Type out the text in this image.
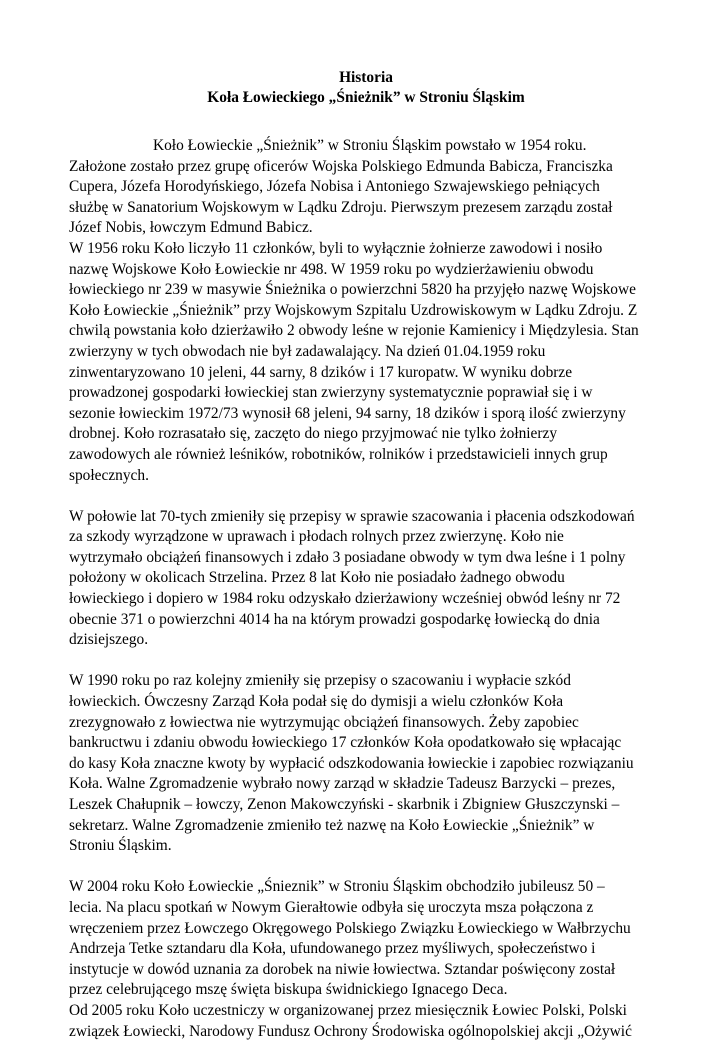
Historia
Koła Łowieckiego „Śnieżnik” w Stroniu Śląskim

Koło Łowieckie „Śnieżnik” w Stroniu Śląskim powstało w 1954 roku.
Założone zostało przez grupę oficerów Wojska Polskiego Edmunda Babicza, Franciszka
Cupera, Józefa Horodyńskiego, Józefa Nobisa i Antoniego Szwajewskiego pełniących
służbę w Sanatorium Wojskowym w Lądku Zdroju. Pierwszym prezesem zarządu został
Józef Nobis, łowczym Edmund Babicz.

W 1956 roku Koło liczyło 11 członków, byli to wyłącznie żołnierze zawodowi i nosiło
nazwę Wojskowe Koło Łowieckie nr 498. W 1959 roku po wydzierżawieniu obwodu
łowieckiego nr 239 w masywie Śnieżnika o powierzchni 5820 ha przyjęło nazwę Wojskowe
Koło Łowieckie „Śnieżnik” przy Wojskowym Szpitalu Uzdrowiskowym w Lądku Zdroju. Z
chwilą powstania koło dzierżawiło 2 obwody leśne w rejonie Kamienicy i Międzylesia. Stan
zwierzyny w tych obwodach nie był zadawalający. Na dzień 01.04.1959 roku
zinwentaryzowano 10 jeleni, 44 sarny, 8 dzików i 17 kuropatw. W wyniku dobrze
prowadzonej gospodarki łowieckiej stan zwierzyny systematycznie poprawiał się i w
sezonie łowieckim 1972/73 wynosił 68 jeleni, 94 sarny, 18 dzików i sporą ilość zwierzyny
drobnej. Koło rozrasatało się, zaczęto do niego przyjmować nie tylko żołnierzy
zawodowych ale również leśników, robotników, rolników i przedstawicieli innych grup
społecznych.

W połowie lat 70-tych zmieniły się przepisy w sprawie szacowania i płacenia odszkodowań
za szkody wyrządzone w uprawach i płodach rolnych przez zwierzynę. Koło nie
wytrzymało obciążeń finansowych i zdało 3 posiadane obwody w tym dwa leśne i 1 polny
położony w okolicach Strzelina. Przez 8 lat Koło nie posiadało żadnego obwodu
łowieckiego i dopiero w 1984 roku odzyskało dzierżawiony wcześniej obwód leśny nr 72
obecnie 371 o powierzchni 4014 ha na którym prowadzi gospodarkę łowiecką do dnia
dzisiejszego.

W 1990 roku po raz kolejny zmieniły się przepisy o szacowaniu i wypłacie szkód
łowieckich. Ówczesny Zarząd Koła podał się do dymisji a wielu członków Koła
zrezygnowało z łowiectwa nie wytrzymując obciążeń finansowych. Żeby zapobiec
bankructwu i zdaniu obwodu łowieckiego 17 członków Koła opodatkowało się wpłacając
do kasy Koła znaczne kwoty by wypłacić odszkodowania łowieckie i zapobiec rozwiązaniu
Koła. Walne Zgromadzenie wybrało nowy zarząd w składzie Tadeusz Barzycki – prezes,
Leszek Chałupnik – łowczy, Zenon Makowczyński - skarbnik i Zbigniew Głuszczynski –
sekretarz. Walne Zgromadzenie zmieniło też nazwę na Koło Łowieckie „Śnieżnik” w
Stroniu Śląskim.

W 2004 roku Koło Łowieckie „Śnieznik” w Stroniu Śląskim obchodziło jubileusz 50 –
lecia. Na placu spotkań w Nowym Gierałtowie odbyła się uroczyta msza połączona z
wręczeniem przez Łowczego Okręgowego Polskiego Związku Łowieckiego w Wałbrzychu
Andrzeja Tetke sztandaru dla Koła, ufundowanego przez myśliwych, społeczeństwo i
instytucje w dowód uznania za dorobek na niwie łowiectwa. Sztandar poświęcony został
przez celebrującego mszę święta biskupa świdnickiego Ignacego Deca.

Od 2005 roku Koło uczestniczy w organizowanej przez miesięcznik Łowiec Polski, Polski
związek Łowiecki, Narodowy Fundusz Ochrony Środowiska ogólnopolskiej akcji „Ożywić
